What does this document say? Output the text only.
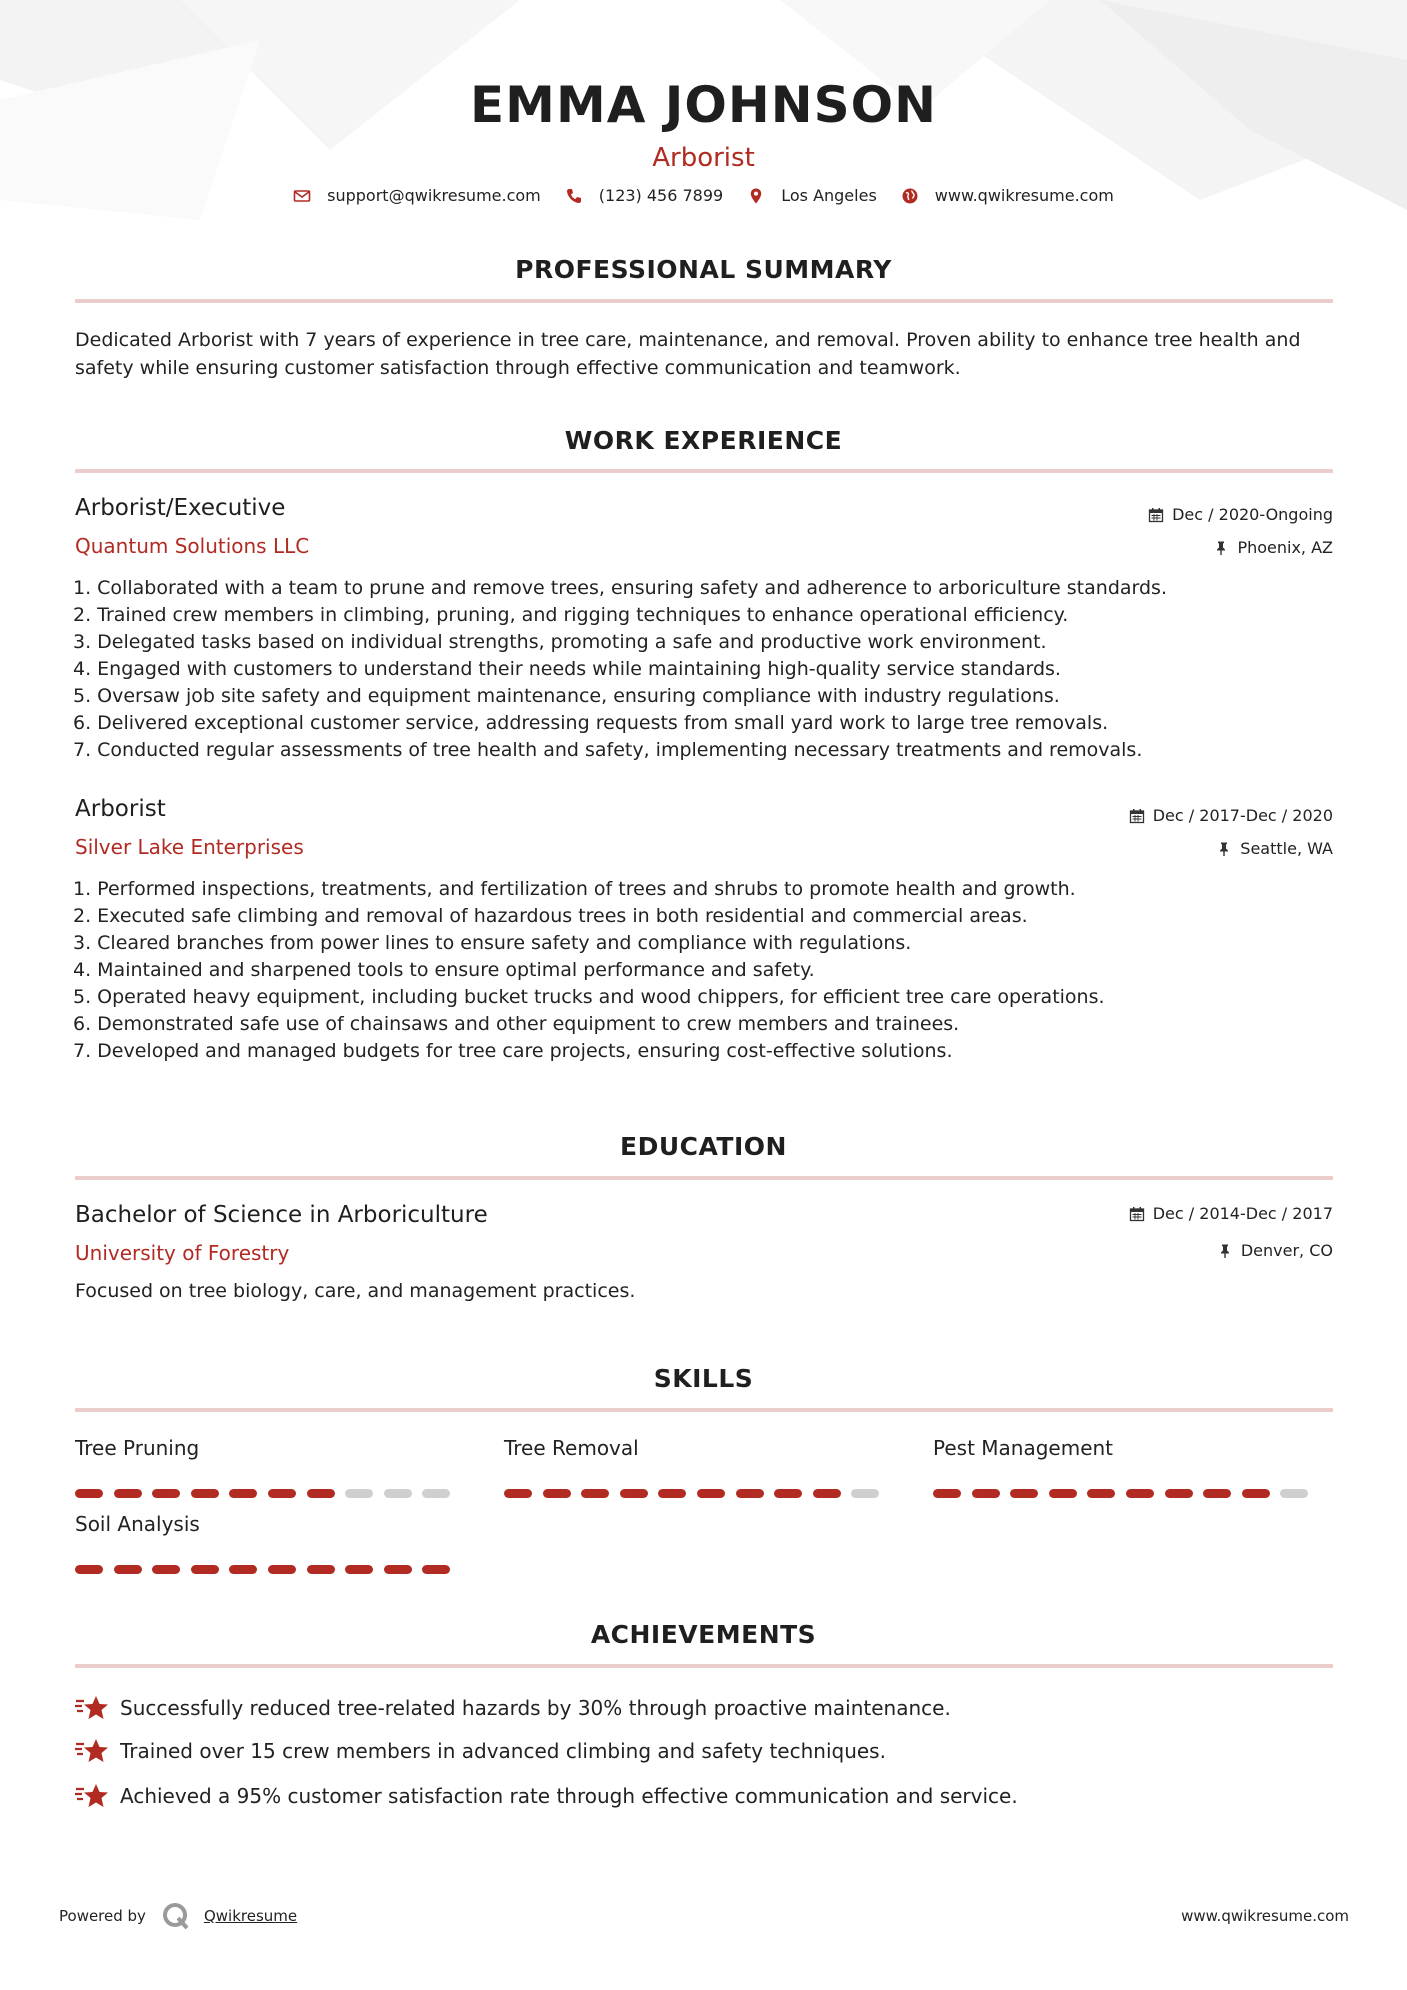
EMMA JOHNSON
Arborist
support@qwikresume.com	(123) 456 7899	Los Angeles	www.qwikresume.com
PROFESSIONAL SUMMARY
Dedicated Arborist with 7 years of experience in tree care, maintenance, and removal. Proven ability to enhance tree health and safety while ensuring customer satisfaction through effective communication and teamwork.
WORK EXPERIENCE
Arborist/Executive
Quantum Solutions LLC
Dec / 2020-Ongoing
Phoenix, AZ
1. Collaborated with a team to prune and remove trees, ensuring safety and adherence to arboriculture standards.
2. Trained crew members in climbing, pruning, and rigging techniques to enhance operational efficiency.
3. Delegated tasks based on individual strengths, promoting a safe and productive work environment.
4. Engaged with customers to understand their needs while maintaining high-quality service standards.
5. Oversaw job site safety and equipment maintenance, ensuring compliance with industry regulations.
6. Delivered exceptional customer service, addressing requests from small yard work to large tree removals.
7. Conducted regular assessments of tree health and safety, implementing necessary treatments and removals.
Arborist
Silver Lake Enterprises
Dec / 2017-Dec / 2020
Seattle, WA
1. Performed inspections, treatments, and fertilization of trees and shrubs to promote health and growth.
2. Executed safe climbing and removal of hazardous trees in both residential and commercial areas.
3. Cleared branches from power lines to ensure safety and compliance with regulations.
4. Maintained and sharpened tools to ensure optimal performance and safety.
5. Operated heavy equipment, including bucket trucks and wood chippers, for efficient tree care operations.
6. Demonstrated safe use of chainsaws and other equipment to crew members and trainees.
7. Developed and managed budgets for tree care projects, ensuring cost-effective solutions.
EDUCATION
Bachelor of Science in Arboriculture
University of Forestry
Dec / 2014-Dec / 2017
Denver, CO
Focused on tree biology, care, and management practices.
SKILLS
Tree Pruning	Tree Removal	Pest Management
Soil Analysis
ACHIEVEMENTS
Successfully reduced tree-related hazards by 30% through proactive maintenance.
Trained over 15 crew members in advanced climbing and safety techniques.
Achieved a 95% customer satisfaction rate through effective communication and service.
Powered by	Qwikresume	www.qwikresume.com
